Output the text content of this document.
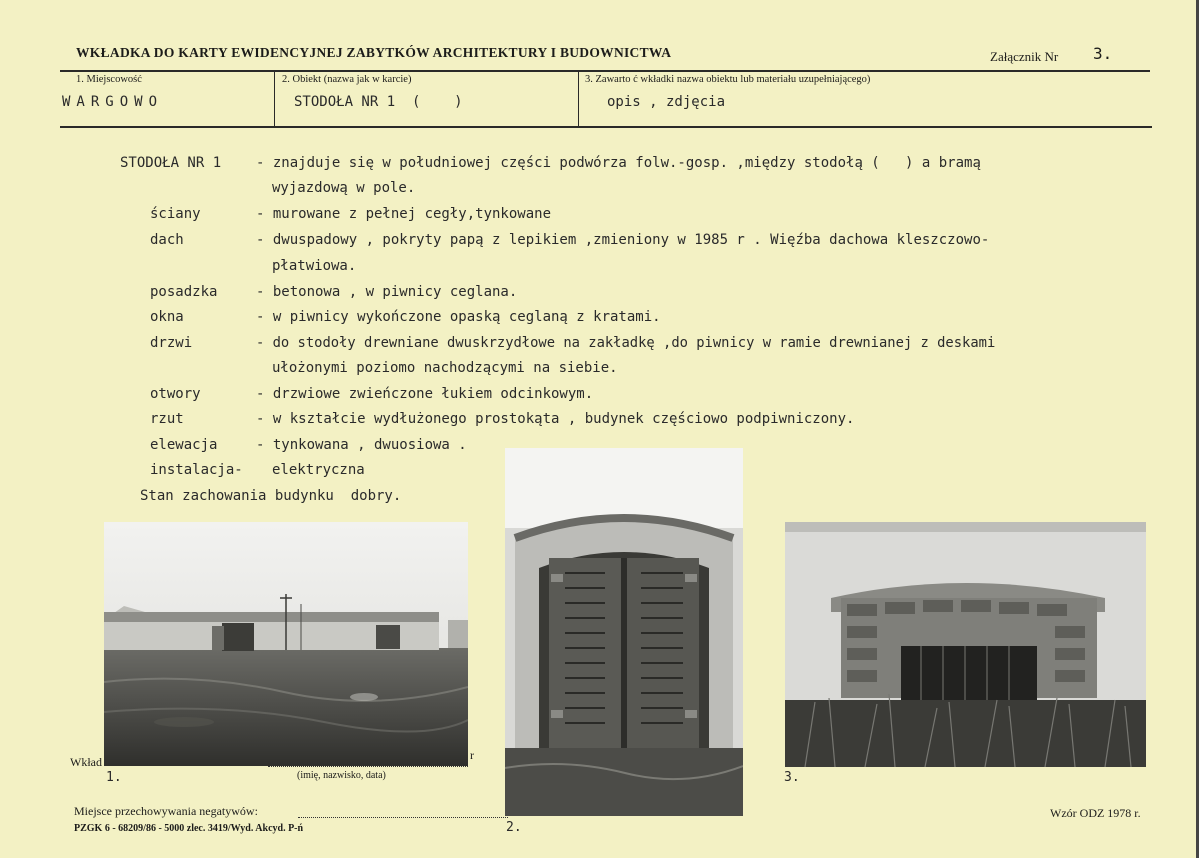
WKŁADKA DO KARTY EWIDENCYJNEJ ZABYTKÓW ARCHITEKTURY I BUDOWNICTWA	Załącznik Nr 3.
1. Miejscowość
WARGOWO
2. Obiekt (nazwa jak w karcie)
STODOŁA NR 1  (    )
3. Zawarto ć wkładki nazwa obiektu lub materiału uzupełniającego)
opis , zdjęcia
STODOŁA NR 1 - znajduje się w południowej części podwórza folw.-gosp. ,między stodołą (   ) a bramą
wyjazdową w pole.
ściany	- murowane z pełnej cegły,tynkowane
dach	- dwuspadowy , pokryty papą z lepikiem ,zmieniony w 1985 r . Więźba dachowa kleszczowo-
płatwiowa.
posadzka	- betonowa , w piwnicy ceglana.
okna	- w piwnicy wykończone opaską ceglaną z kratami.
drzwi	- do stodoły drewniane dwuskrzydłowe na zakładkę ,do piwnicy w ramie drewnianej z deskami
ułożonymi poziomo nachodzącymi na siebie.
otwory	- drzwiowe zwieńczone łukiem odcinkowym.
rzut	- w kształcie wydłużonego prostokąta , budynek częściowo podpiwniczony.
elewacja	- tynkowana , dwuosiowa .
instalacja- elektryczna
Stan zachowania budynku  dobry.
Wkład	r
(imię, nazwisko, data)
Miejsce przechowywania negatywów:
PZGK 6 - 68209/86 - 5000 zlec. 3419/Wyd. Akcyd. P-ń
Wzór ODZ 1978 r.
1.
2.
3.
